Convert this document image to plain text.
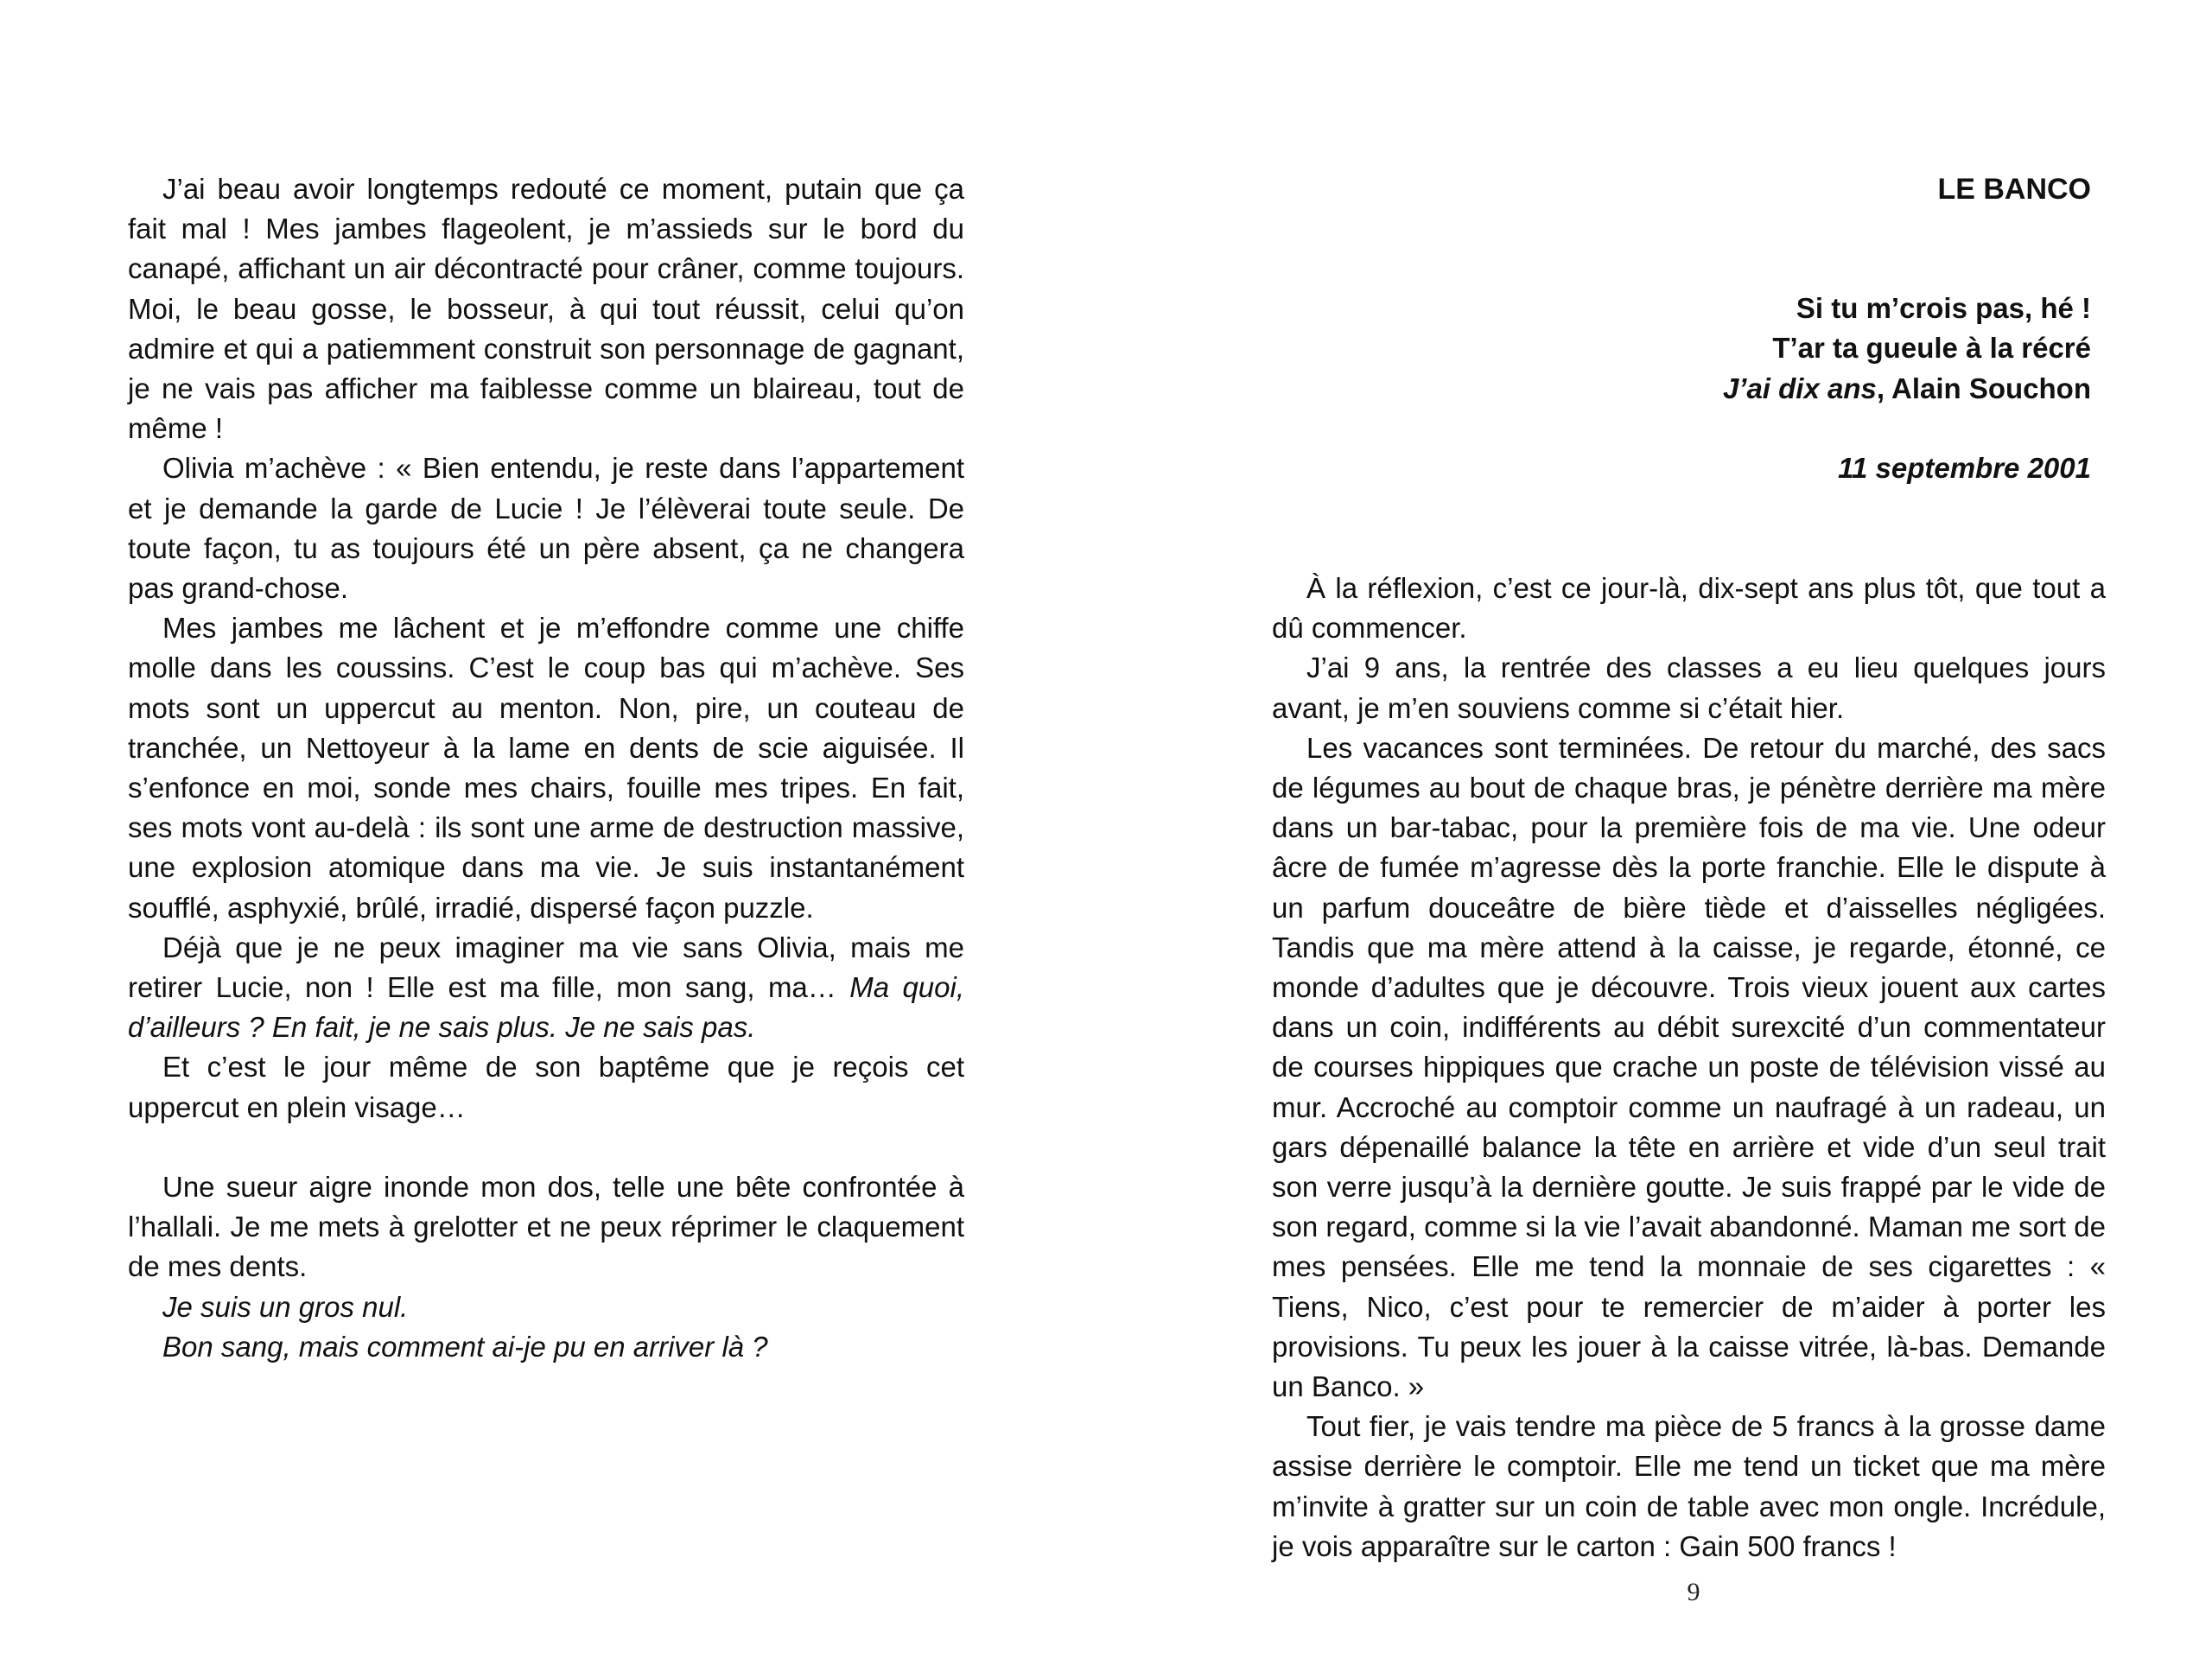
J’ai beau avoir longtemps redouté ce moment, putain que ça fait mal ! Mes jambes flageolent, je m’assieds sur le bord du canapé, affichant un air décontracté pour crâner, comme toujours. Moi, le beau gosse, le bosseur, à qui tout réussit, celui qu’on admire et qui a patiemment construit son personnage de gagnant, je ne vais pas afficher ma faiblesse comme un blaireau, tout de même !

Olivia m’achève : « Bien entendu, je reste dans l’appartement et je demande la garde de Lucie ! Je l’élèverai toute seule. De toute façon, tu as toujours été un père absent, ça ne changera pas grand-chose.

Mes jambes me lâchent et je m’effondre comme une chiffe molle dans les coussins. C’est le coup bas qui m’achève. Ses mots sont un uppercut au menton. Non, pire, un couteau de tranchée, un Nettoyeur à la lame en dents de scie aiguisée. Il s’enfonce en moi, sonde mes chairs, fouille mes tripes. En fait, ses mots vont au-delà : ils sont une arme de destruction massive, une explosion atomique dans ma vie. Je suis instantanément soufflé, asphyxié, brûlé, irradié, dispersé façon puzzle.

Déjà que je ne peux imaginer ma vie sans Olivia, mais me retirer Lucie, non ! Elle est ma fille, mon sang, ma… Ma quoi, d’ailleurs ? En fait, je ne sais plus. Je ne sais pas.

Et c’est le jour même de son baptême que je reçois cet uppercut en plein visage…

Une sueur aigre inonde mon dos, telle une bête confrontée à l’hallali. Je me mets à grelotter et ne peux réprimer le claquement de mes dents.

Je suis un gros nul.

Bon sang, mais comment ai-je pu en arriver là ?

LE BANCO
Si tu m’crois pas, hé !
T’ar ta gueule à la récré
J’ai dix ans, Alain Souchon
11 septembre 2001

À la réflexion, c’est ce jour-là, dix-sept ans plus tôt, que tout a dû commencer.

J’ai 9 ans, la rentrée des classes a eu lieu quelques jours avant, je m’en souviens comme si c’était hier.

Les vacances sont terminées. De retour du marché, des sacs de légumes au bout de chaque bras, je pénètre derrière ma mère dans un bar-tabac, pour la première fois de ma vie. Une odeur âcre de fumée m’agresse dès la porte franchie. Elle le dispute à un parfum douceâtre de bière tiède et d’aisselles négligées. Tandis que ma mère attend à la caisse, je regarde, étonné, ce monde d’adultes que je découvre. Trois vieux jouent aux cartes dans un coin, indifférents au débit surexcité d’un commentateur de courses hippiques que crache un poste de télévision vissé au mur. Accroché au comptoir comme un naufragé à un radeau, un gars dépenaillé balance la tête en arrière et vide d’un seul trait son verre jusqu’à la dernière goutte. Je suis frappé par le vide de son regard, comme si la vie l’avait abandonné. Maman me sort de mes pensées. Elle me tend la monnaie de ses cigarettes : « Tiens, Nico, c’est pour te remercier de m’aider à porter les provisions. Tu peux les jouer à la caisse vitrée, là-bas. Demande un Banco. »

Tout fier, je vais tendre ma pièce de 5 francs à la grosse dame assise derrière le comptoir. Elle me tend un ticket que ma mère m’invite à gratter sur un coin de table avec mon ongle. Incrédule, je vois apparaître sur le carton : Gain 500 francs !

9
